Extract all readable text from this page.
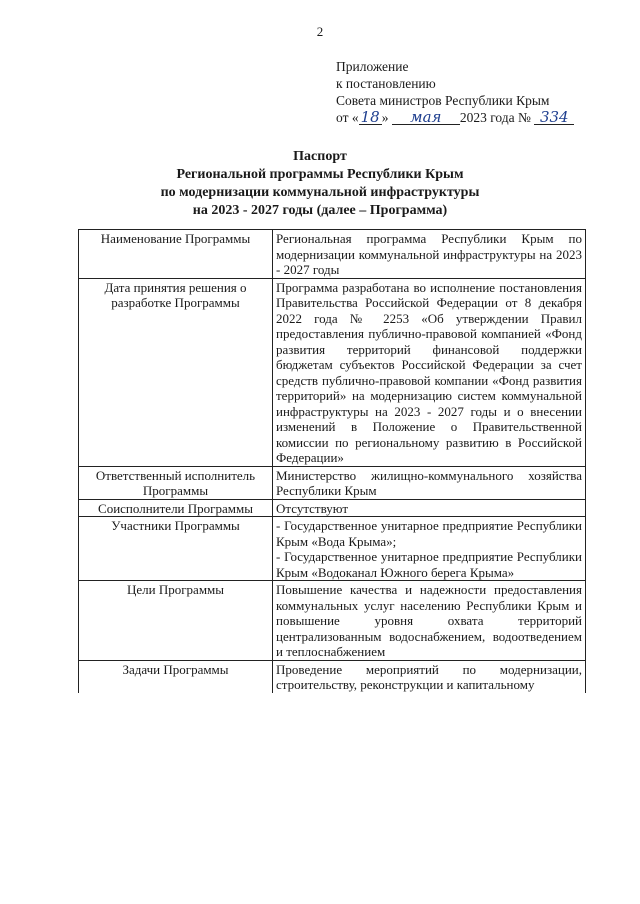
2
Приложение
к постановлению
Совета министров Республики Крым
от « 18 » мая 2023 года № 334
Паспорт
Региональной программы Республики Крым
по модернизации коммунальной инфраструктуры
на 2023 - 2027 годы (далее – Программа)
Наименование Программы	Региональная программа Республики Крым по модернизации коммунальной инфраструктуры на 2023 - 2027 годы
Дата принятия решения о разработке Программы	Программа разработана во исполнение постановления Правительства Российской Федерации от 8 декабря 2022 года № 2253 «Об утверждении Правил предоставления публично-правовой компанией «Фонд развития территорий финансовой поддержки бюджетам субъектов Российской Федерации за счет средств публично-правовой компании «Фонд развития территорий» на модернизацию систем коммунальной инфраструктуры на 2023 - 2027 годы и о внесении изменений в Положение о Правительственной комиссии по региональному развитию в Российской Федерации»
Ответственный исполнитель Программы	Министерство жилищно-коммунального хозяйства Республики Крым
Соисполнители Программы	Отсутствуют
Участники Программы	- Государственное унитарное предприятие Республики Крым «Вода Крыма»;
- Государственное унитарное предприятие Республики Крым «Водоканал Южного берега Крыма»

Цели Программы	Повышение качества и надежности предоставления коммунальных услуг населению Республики Крым и повышение уровня охвата территорий централизованным водоснабжением, водоотведением и теплоснабжением
Задачи Программы	Проведение мероприятий по модернизации, строительству, реконструкции и капитальному
